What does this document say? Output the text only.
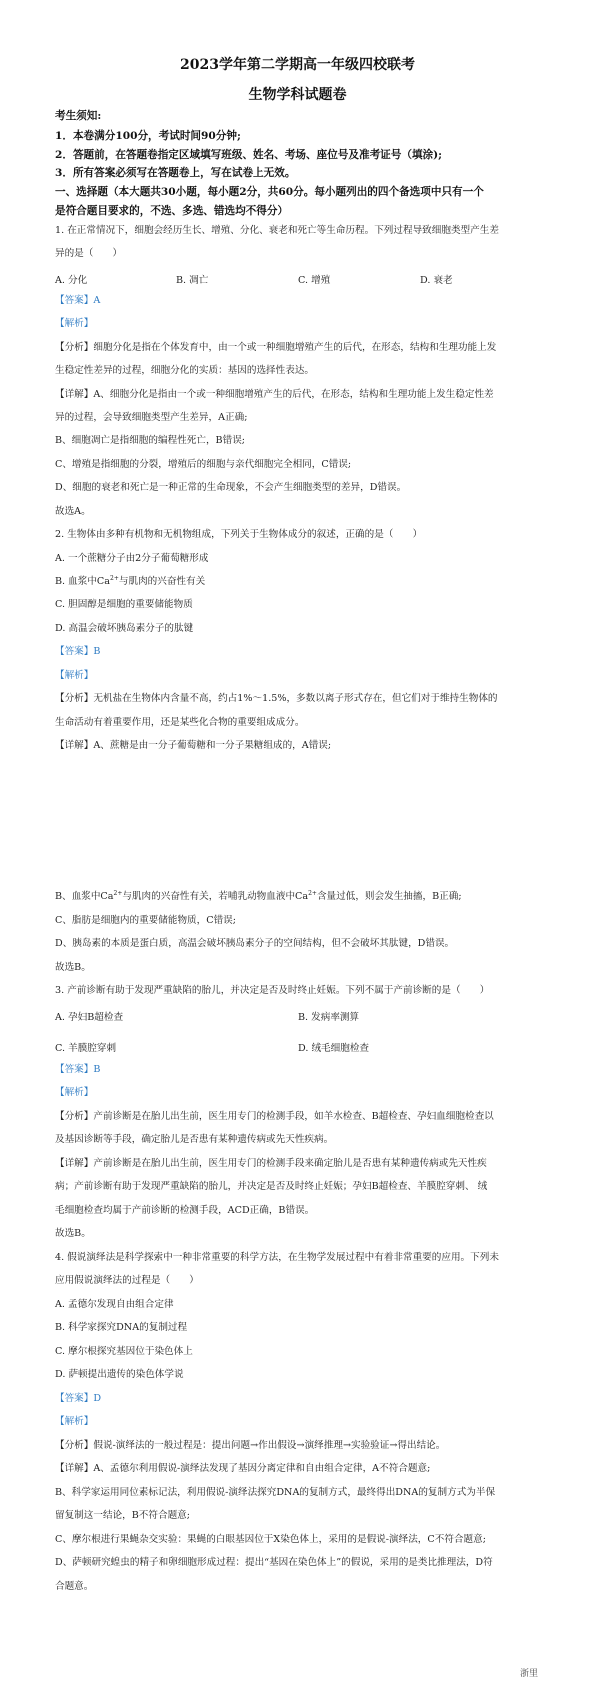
2023学年第二学期高一年级四校联考
生物学科试题卷
考生须知:
1．本卷满分100分，考试时间90分钟;
2．答题前，在答题卷指定区域填写班级、姓名、考场、座位号及准考证号（填涂);
3．所有答案必须写在答题卷上，写在试卷上无效。
一、选择题（本大题共30小题，每小题2分，共60分。每小题列出的四个备选项中只有一个
是符合题目要求的，不选、多选、错选均不得分）
1. 在正常情况下，细胞会经历生长、增殖、分化、衰老和死亡等生命历程。下列过程导致细胞类型产生差
异的是（　　）
A. 分化	B. 凋亡	C. 增殖	D. 衰老
【答案】A
【解析】
【分析】细胞分化是指在个体发育中，由一个或一种细胞增殖产生的后代，在形态，结构和生理功能上发
生稳定性差异的过程，细胞分化的实质：基因的选择性表达。
【详解】A、细胞分化是指由一个或一种细胞增殖产生的后代，在形态，结构和生理功能上发生稳定性差
异的过程，会导致细胞类型产生差异，A正确;
B、细胞凋亡是指细胞的编程性死亡，B错误;
C、增殖是指细胞的分裂，增殖后的细胞与亲代细胞完全相同，C错误;
D、细胞的衰老和死亡是一种正常的生命现象，不会产生细胞类型的差异，D错误。
故选A。
2. 生物体由多种有机物和无机物组成，下列关于生物体成分的叙述，正确的是（　　）
A. 一个蔗糖分子由2分子葡萄糖形成
B. 血浆中$Ca^{2+}$与肌肉的兴奋性有关
C. 胆固醇是细胞的重要储能物质
D. 高温会破坏胰岛素分子的肽键
【答案】B
【解析】
【分析】无机盐在生物体内含量不高，约占1%～1.5%，多数以离子形式存在，但它们对于维持生物体的
生命活动有着重要作用，还是某些化合物的重要组成成分。
【详解】A、蔗糖是由一分子葡萄糖和一分子果糖组成的，A错误;
B、血浆中$Ca^{2+}$与肌肉的兴奋性有关，若哺乳动物血液中$Ca^{2+}$含量过低，则会发生抽搐，B正确;
C、脂肪是细胞内的重要储能物质，C错误;
D、胰岛素的本质是蛋白质，高温会破坏胰岛素分子的空间结构，但不会破坏其肽键，D错误。
故选B。
3. 产前诊断有助于发现严重缺陷的胎儿，并决定是否及时终止妊娠。下列不属于产前诊断的是（　　）
A. 孕妇B超检查	B. 发病率测算
C. 羊膜腔穿刺	D. 绒毛细胞检查
【答案】B
【解析】
【分析】产前诊断是在胎儿出生前，医生用专门的检测手段，如羊水检查、B超检查、孕妇血细胞检查以
及基因诊断等手段，确定胎儿是否患有某种遗传病或先天性疾病。
【详解】产前诊断是在胎儿出生前，医生用专门的检测手段来确定胎儿是否患有某种遗传病或先天性疾
病；产前诊断有助于发现严重缺陷的胎儿，并决定是否及时终止妊娠；孕妇B超检查、羊膜腔穿刺、 绒
毛细胞检查均属于产前诊断的检测手段，ACD正确，B错误。
故选B。
4. 假说演绎法是科学探索中一种非常重要的科学方法，在生物学发展过程中有着非常重要的应用。下列未
应用假说演绎法的过程是（　　）
A. 孟德尔发现自由组合定律
B. 科学家探究DNA的复制过程
C. 摩尔根探究基因位于染色体上
D. 萨顿提出遗传的染色体学说
【答案】D
【解析】
【分析】假说-演绎法的一般过程是：提出问题→作出假设→演绎推理→实验验证→得出结论。
【详解】A、孟德尔利用假说-演绎法发现了基因分离定律和自由组合定律，A不符合题意;
B、科学家运用同位素标记法，利用假说-演绎法探究DNA的复制方式，最终得出DNA的复制方式为半保
留复制这一结论，B不符合题意;
C、摩尔根进行果蝇杂交实验：果蝇的白眼基因位于X染色体上，采用的是假说-演绎法，C不符合题意;
D、萨顿研究蝗虫的精子和卵细胞形成过程：提出“基因在染色体上”的假说，采用的是类比推理法，D符
合题意。
浙里
